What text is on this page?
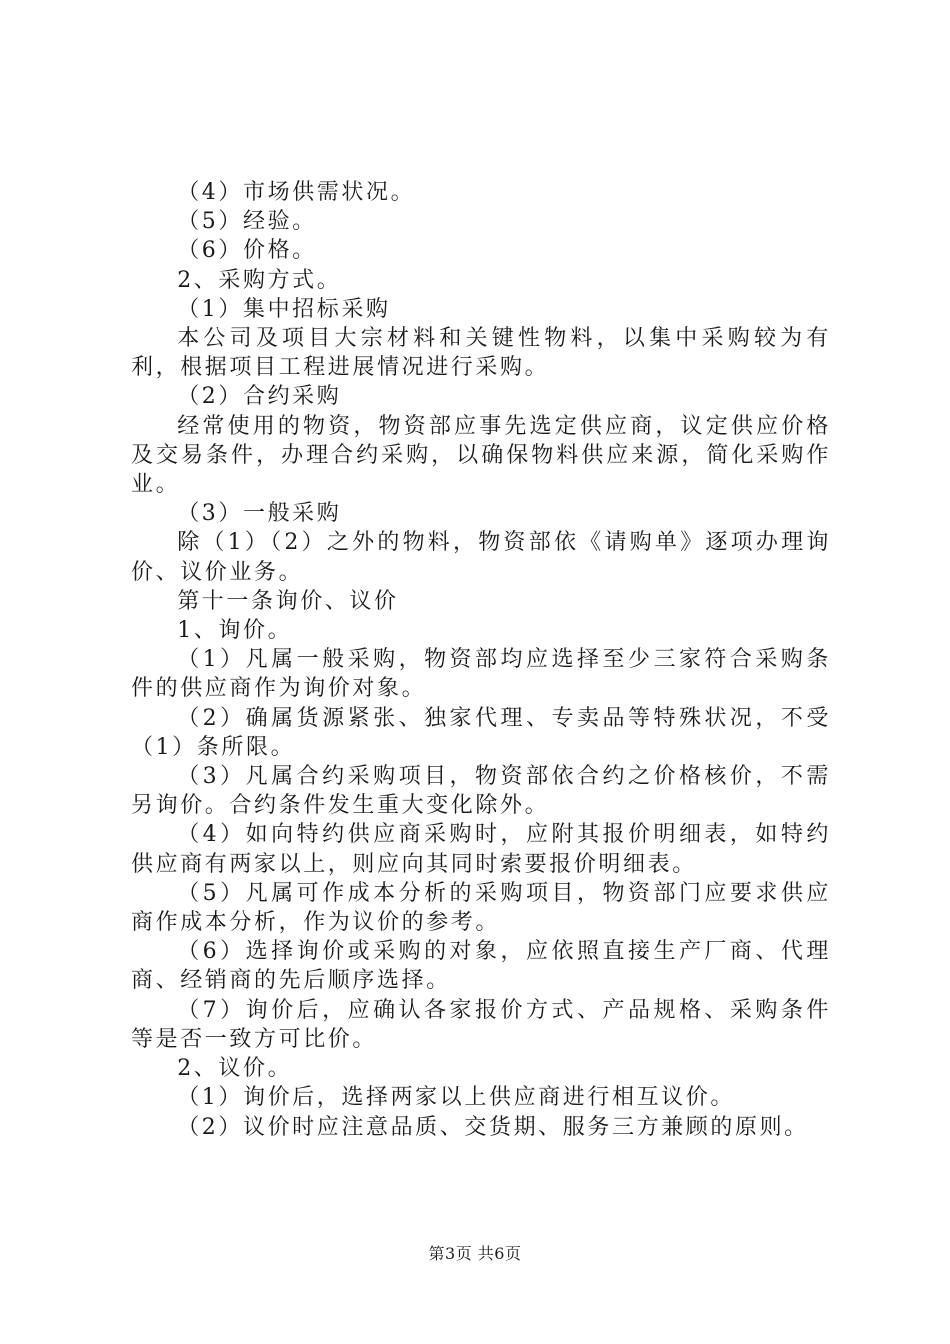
（4）市场供需状况。

（5）经验。

（6）价格。

2、采购方式。

（1）集中招标采购

本公司及项目大宗材料和关键性物料，以集中采购较为有利，根据项目工程进展情况进行采购。

（2）合约采购

经常使用的物资，物资部应事先选定供应商，议定供应价格及交易条件，办理合约采购，以确保物料供应来源，简化采购作业。

（3）一般采购

除（1）（2）之外的物料，物资部依《请购单》逐项办理询价、议价业务。

第十一条询价、议价

1、询价。

（1）凡属一般采购，物资部均应选择至少三家符合采购条件的供应商作为询价对象。

（2）确属货源紧张、独家代理、专卖品等特殊状况，不受（1）条所限。

（3）凡属合约采购项目，物资部依合约之价格核价，不需另询价。合约条件发生重大变化除外。

（4）如向特约供应商采购时，应附其报价明细表，如特约供应商有两家以上，则应向其同时索要报价明细表。

（5）凡属可作成本分析的采购项目，物资部门应要求供应商作成本分析，作为议价的参考。

（6）选择询价或采购的对象，应依照直接生产厂商、代理商、经销商的先后顺序选择。

（7）询价后，应确认各家报价方式、产品规格、采购条件等是否一致方可比价。

2、议价。

（1）询价后，选择两家以上供应商进行相互议价。

（2）议价时应注意品质、交货期、服务三方兼顾的原则。

第3页 共6页
